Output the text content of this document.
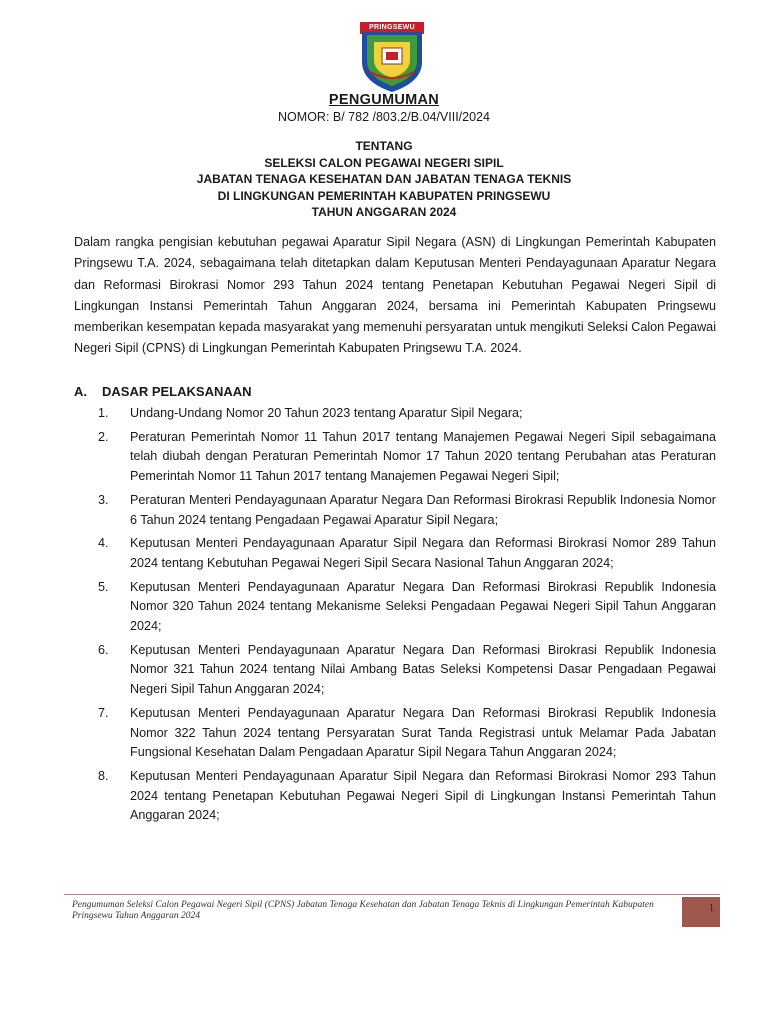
PRINGSEWU
PENGUMUMAN
NOMOR: B/ 782 /803.2/B.04/VIII/2024
TENTANG
SELEKSI CALON PEGAWAI NEGERI SIPIL
JABATAN TENAGA KESEHATAN DAN JABATAN TENAGA TEKNIS
DI LINGKUNGAN PEMERINTAH KABUPATEN PRINGSEWU
TAHUN ANGGARAN 2024
Dalam rangka pengisian kebutuhan pegawai Aparatur Sipil Negara (ASN) di Lingkungan Pemerintah Kabupaten Pringsewu T.A. 2024, sebagaimana telah ditetapkan dalam Keputusan Menteri Pendayagunaan Aparatur Negara dan Reformasi Birokrasi Nomor 293 Tahun 2024 tentang Penetapan Kebutuhan Pegawai Negeri Sipil di Lingkungan Instansi Pemerintah Tahun Anggaran 2024, bersama ini Pemerintah Kabupaten Pringsewu memberikan kesempatan kepada masyarakat yang memenuhi persyaratan untuk mengikuti Seleksi Calon Pegawai Negeri Sipil (CPNS) di Lingkungan Pemerintah Kabupaten Pringsewu T.A. 2024.
A. DASAR PELAKSANAAN
1. Undang-Undang Nomor 20 Tahun 2023 tentang Aparatur Sipil Negara;
2. Peraturan Pemerintah Nomor 11 Tahun 2017 tentang Manajemen Pegawai Negeri Sipil sebagaimana telah diubah dengan Peraturan Pemerintah Nomor 17 Tahun 2020 tentang Perubahan atas Peraturan Pemerintah Nomor 11 Tahun 2017 tentang Manajemen Pegawai Negeri Sipil;
3. Peraturan Menteri Pendayagunaan Aparatur Negara Dan Reformasi Birokrasi Republik Indonesia Nomor 6 Tahun 2024 tentang Pengadaan Pegawai Aparatur Sipil Negara;
4. Keputusan Menteri Pendayagunaan Aparatur Sipil Negara dan Reformasi Birokrasi Nomor 289 Tahun 2024 tentang Kebutuhan Pegawai Negeri Sipil Secara Nasional Tahun Anggaran 2024;
5. Keputusan Menteri Pendayagunaan Aparatur Negara Dan Reformasi Birokrasi Republik Indonesia Nomor 320 Tahun 2024 tentang Mekanisme Seleksi Pengadaan Pegawai Negeri Sipil Tahun Anggaran 2024;
6. Keputusan Menteri Pendayagunaan Aparatur Negara Dan Reformasi Birokrasi Republik Indonesia Nomor 321 Tahun 2024 tentang Nilai Ambang Batas Seleksi Kompetensi Dasar Pengadaan Pegawai Negeri Sipil Tahun Anggaran 2024;
7. Keputusan Menteri Pendayagunaan Aparatur Negara Dan Reformasi Birokrasi Republik Indonesia Nomor 322 Tahun 2024 tentang Persyaratan Surat Tanda Registrasi untuk Melamar Pada Jabatan Fungsional Kesehatan Dalam Pengadaan Aparatur Sipil Negara Tahun Anggaran 2024;
8. Keputusan Menteri Pendayagunaan Aparatur Sipil Negara dan Reformasi Birokrasi Nomor 293 Tahun 2024 tentang Penetapan Kebutuhan Pegawai Negeri Sipil di Lingkungan Instansi Pemerintah Tahun Anggaran 2024;
Pengumuman Seleksi Calon Pegawai Negeri Sipil (CPNS) Jabatan Tenaga Kesehatan dan Jabatan Tenaga Teknis di Lingkungan Pemerintah Kabupaten Pringsewu Tahun Anggaran 2024
1
